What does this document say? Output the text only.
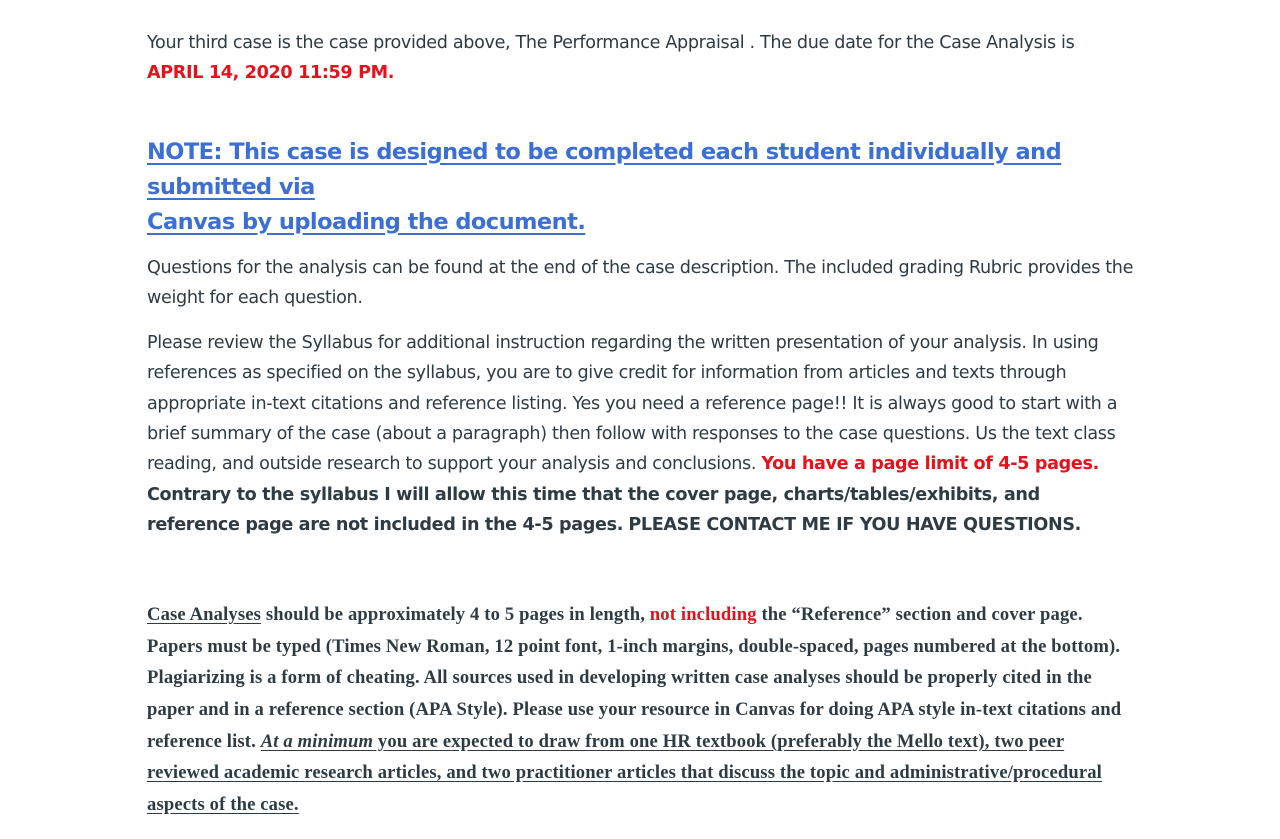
Your third case is the case provided above, The Performance Appraisal . The due date for the Case Analysis is
APRIL 14, 2020 11:59 PM.

NOTE: This case is designed to be completed each student individually and submitted via
Canvas by uploading the document.

Questions for the analysis can be found at the end of the case description. The included grading Rubric provides the weight for each question.

Please review the Syllabus for additional instruction regarding the written presentation of your analysis. In using references as specified on the syllabus, you are to give credit for information from articles and texts through appropriate in-text citations and reference listing. Yes you need a reference page!! It is always good to start with a brief summary of the case (about a paragraph) then follow with responses to the case questions. Us the text class reading, and outside research to support your analysis and conclusions. You have a page limit of 4-5 pages. Contrary to the syllabus I will allow this time that the cover page, charts/tables/exhibits, and reference page are not included in the 4-5 pages. PLEASE CONTACT ME IF YOU HAVE QUESTIONS.

Case Analyses should be approximately 4 to 5 pages in length, not including the “Reference” section and cover page. Papers must be typed (Times New Roman, 12 point font, 1-inch margins, double-spaced, pages numbered at the bottom). Plagiarizing is a form of cheating. All sources used in developing written case analyses should be properly cited in the paper and in a reference section (APA Style). Please use your resource in Canvas for doing APA style in-text citations and reference list. At a minimum you are expected to draw from one HR textbook (preferably the Mello text), two peer reviewed academic research articles, and two practitioner articles that discuss the topic and administrative/procedural aspects of the case.
